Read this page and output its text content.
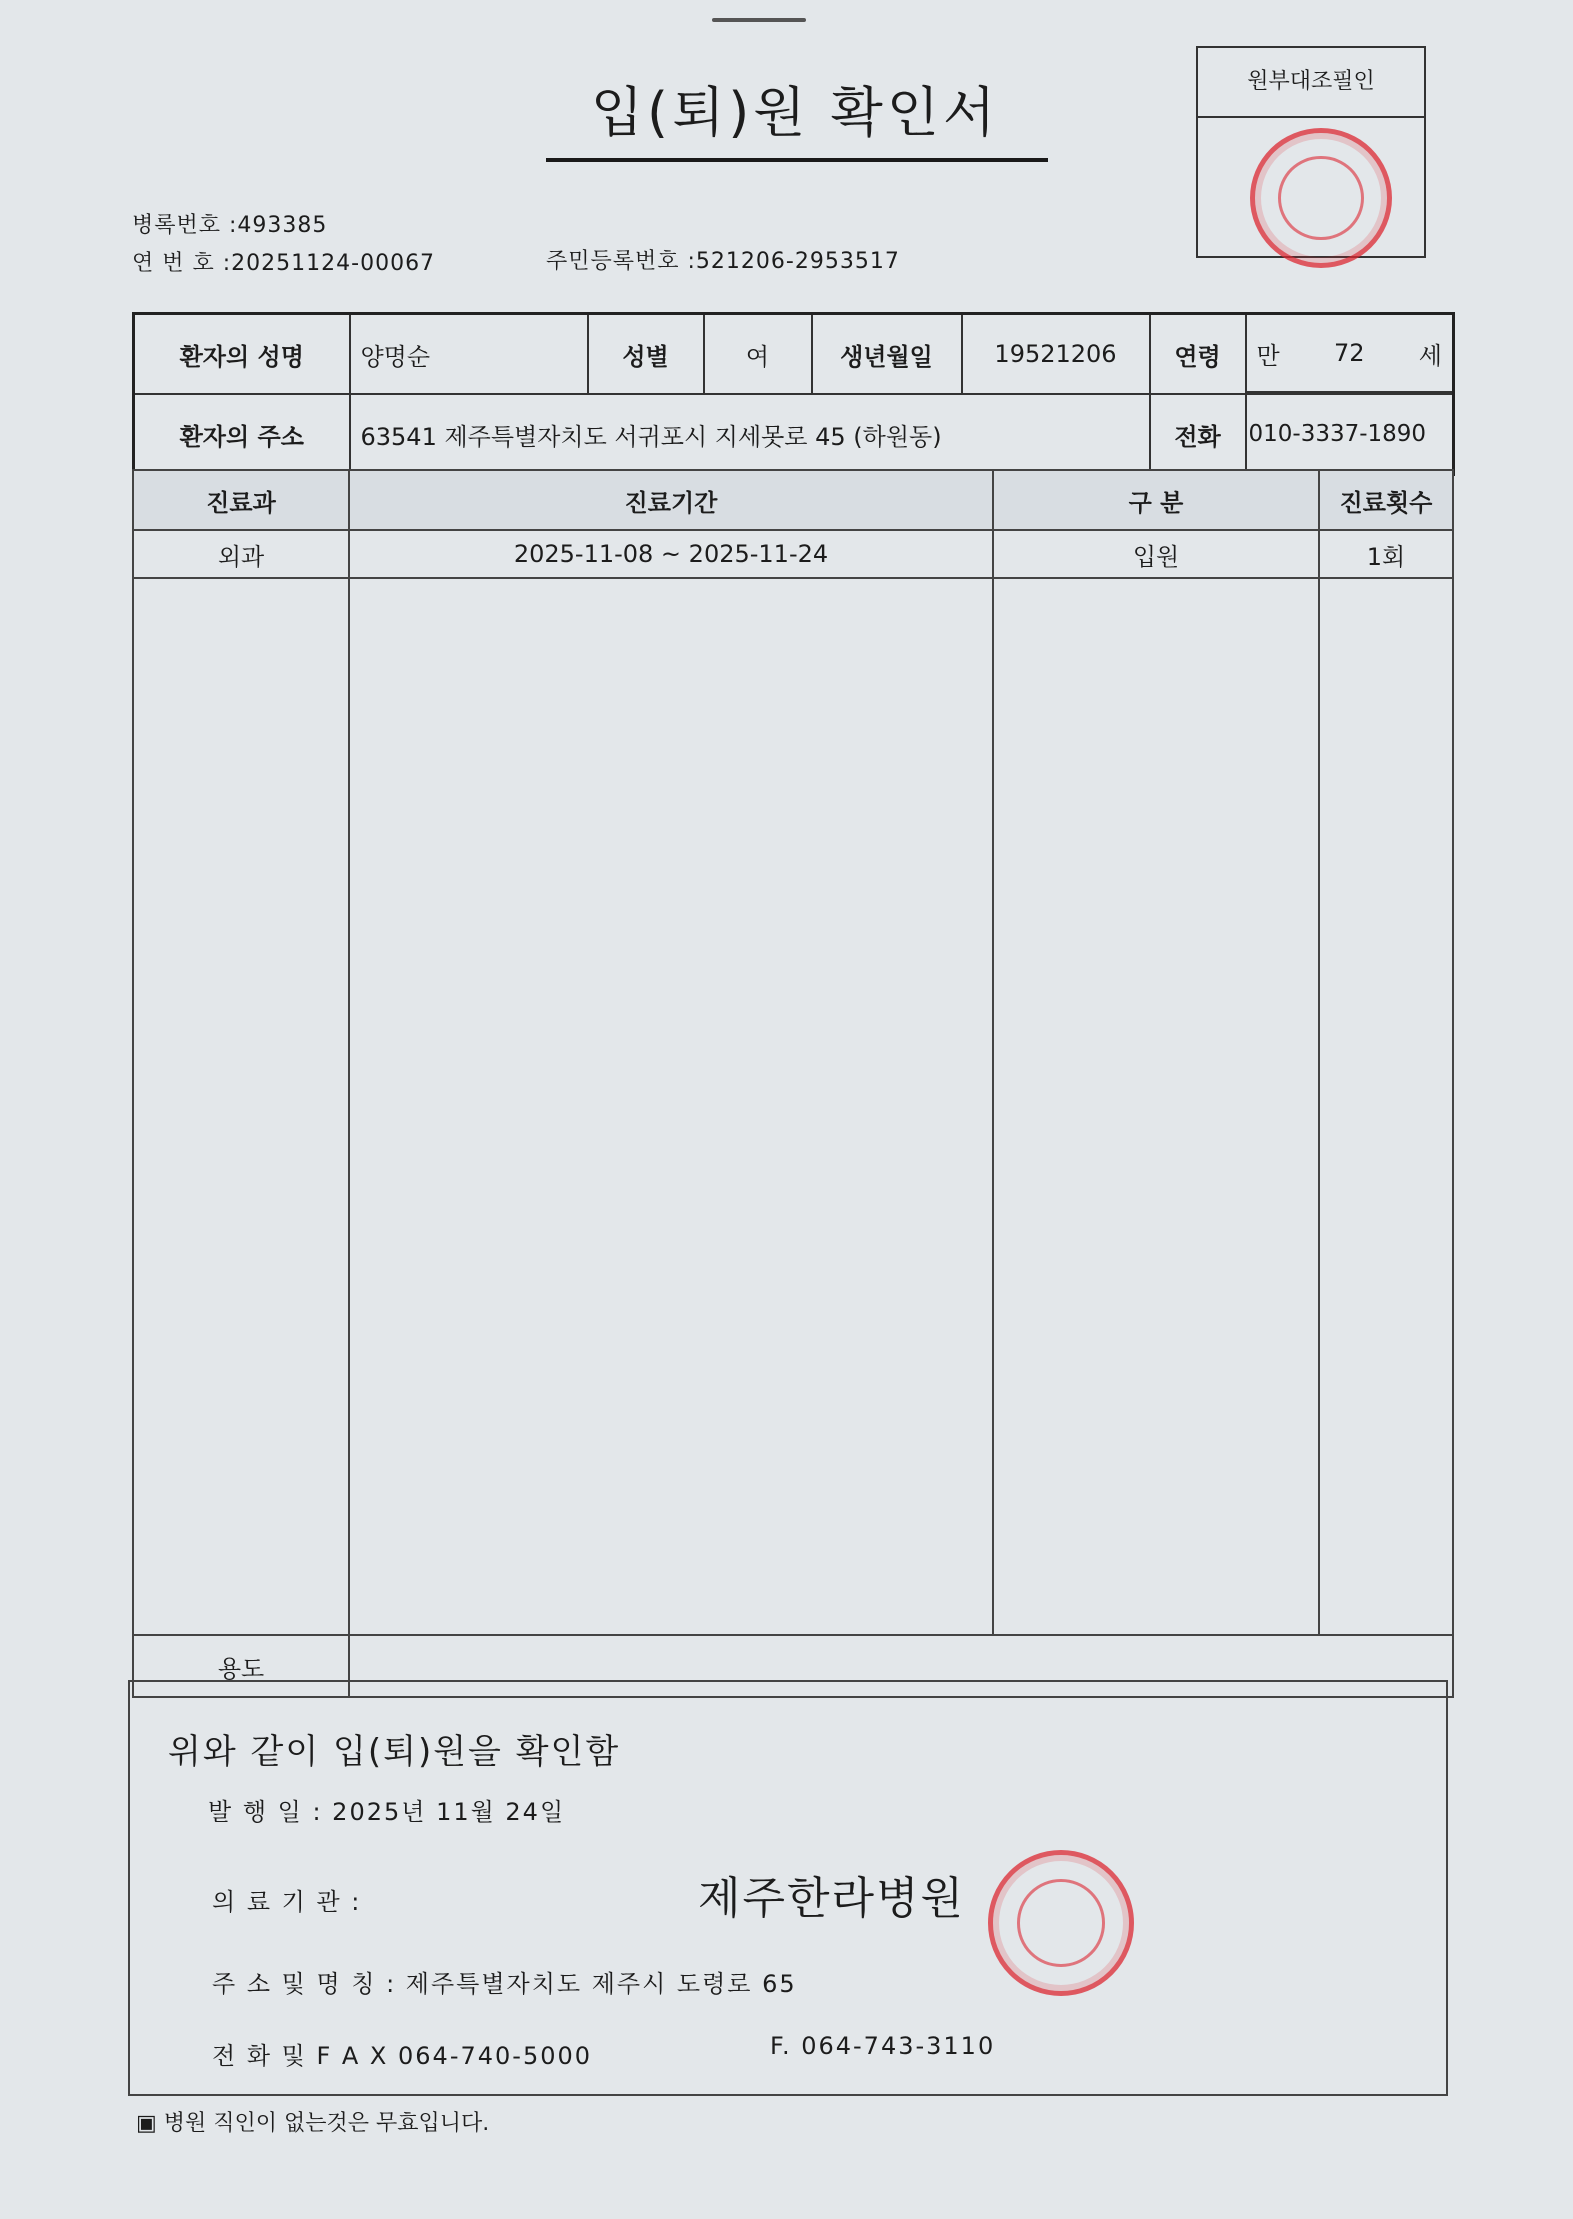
입(퇴)원 확인서	원부대조필인
병록번호 :493385
연 번 호 :20251124-00067	주민등록번호 :521206-2953517
환자의 성명	양명순	성별	여	생년월일	19521206	연령	만 72 세

환자의 주소	63541 제주특별자치도 서귀포시 지세못로 45 (하원동)					전화	010-3337-1890
진료과	진료기간	구 분	진료횟수
외과	2025-11-08 ~ 2025-11-24	입원	1회

용도			
위와 같이 입(퇴)원을 확인함
발 행 일 : 2025년 11월 24일
의 료 기 관 :	제주한라병원
주 소 및 명 칭 : 제주특별자치도 제주시 도령로 65
전 화 및 F A X 064-740-5000	F. 064-743-3110
▣ 병원 직인이 없는것은 무효입니다.
